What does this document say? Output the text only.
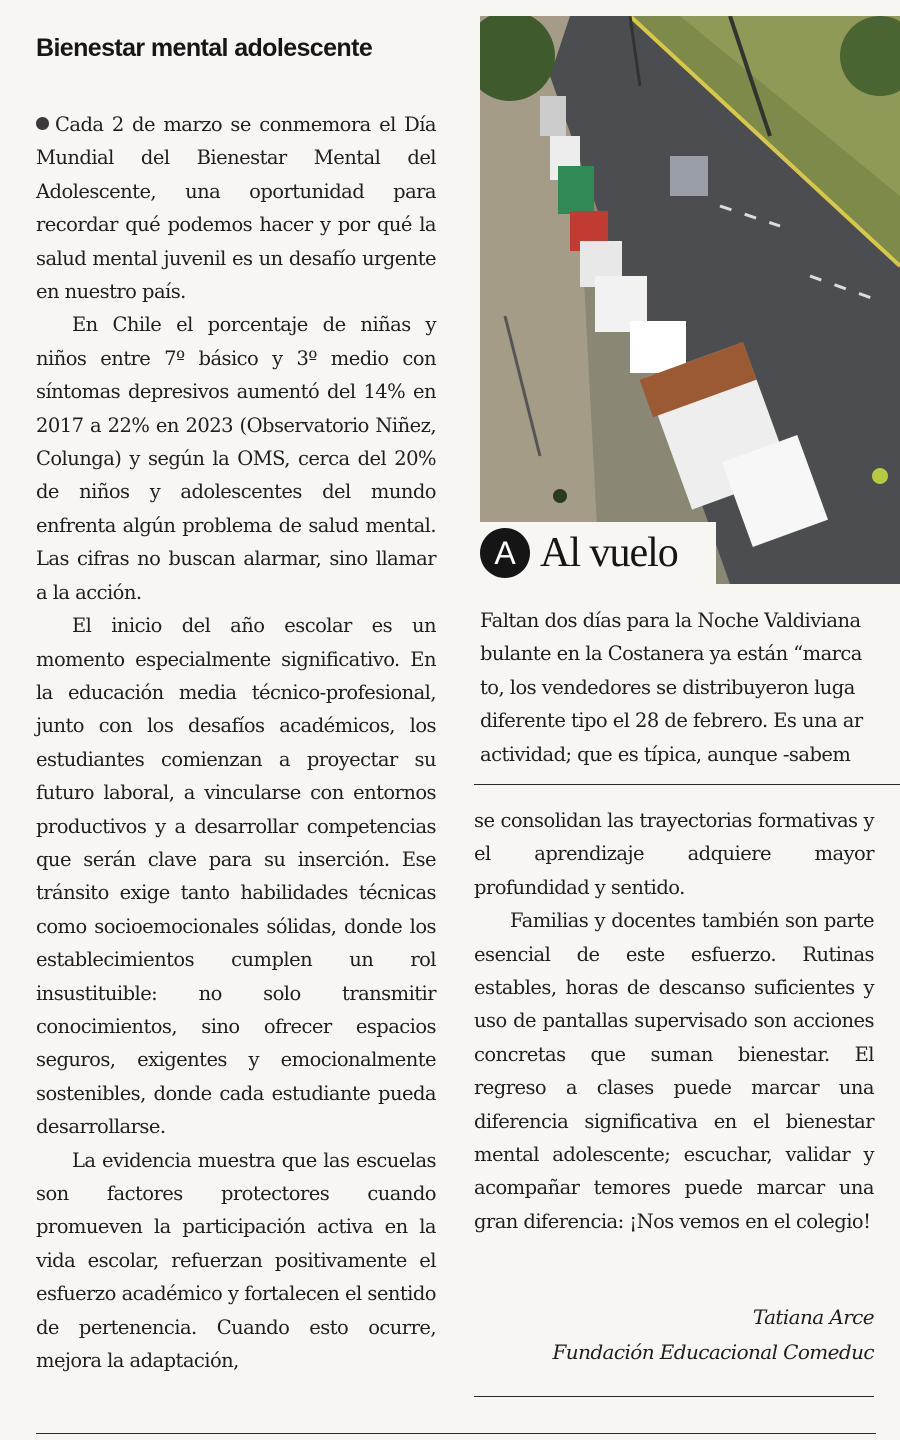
Bienestar mental adolescente

Cada 2 de marzo se conmemora el Día Mundial del Bienestar Mental del Adolescente, una oportunidad para recordar qué podemos hacer y por qué la salud mental juvenil es un desafío urgente en nuestro país.

En Chile el porcentaje de niñas y niños entre 7º básico y 3º medio con síntomas depresivos aumentó del 14% en 2017 a 22% en 2023 (Observatorio Niñez, Colunga) y según la OMS, cerca del 20% de niños y adolescentes del mundo enfrenta algún problema de salud mental. Las cifras no buscan alarmar, sino llamar a la acción.

El inicio del año escolar es un momento especialmente significativo. En la educación media técnico-profesional, junto con los desafíos académicos, los estudiantes comienzan a proyectar su futuro laboral, a vincularse con entornos productivos y a desarrollar competencias que serán clave para su inserción. Ese tránsito exige tanto habilidades técnicas como socioemocionales sólidas, donde los establecimientos cumplen un rol insustituible: no solo transmitir conocimientos, sino ofrecer espacios seguros, exigentes y emocionalmente sostenibles, donde cada estudiante pueda desarrollarse.

La evidencia muestra que las escuelas son factores protectores cuando promueven la participación activa en la vida escolar, refuerzan positivamente el esfuerzo académico y fortalecen el sentido de pertenencia. Cuando esto ocurre, mejora la adaptación,

A Al vuelo
Faltan dos días para la Noche Valdiviana
bulante en la Costanera ya están “marca
to, los vendedores se distribuyeron luga
diferente tipo el 28 de febrero. Es una ar
actividad; que es típica, aunque -sabem

se consolidan las trayectorias formativas y el aprendizaje adquiere mayor profundidad y sentido.

Familias y docentes también son parte esencial de este esfuerzo. Rutinas estables, horas de descanso suficientes y uso de pantallas supervisado son acciones concretas que suman bienestar. El regreso a clases puede marcar una diferencia significativa en el bienestar mental adolescente; escuchar, validar y acompañar temores puede marcar una gran diferencia: ¡Nos vemos en el colegio!

Tatiana Arce
Fundación Educacional Comeduc
